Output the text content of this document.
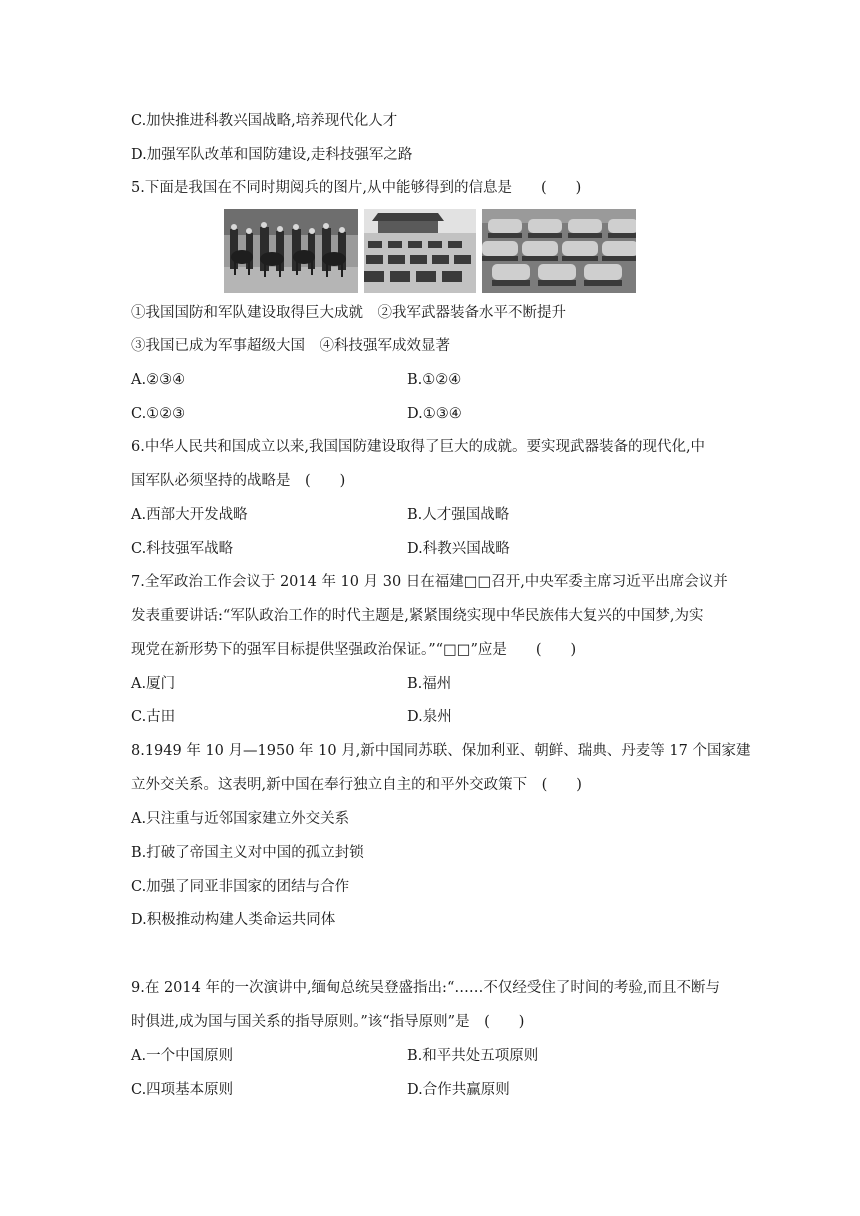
C.加快推进科教兴国战略,培养现代化人才
D.加强军队改革和国防建设,走科技强军之路
5.下面是我国在不同时期阅兵的图片,从中能够得到的信息是　　(　　)
①我国国防和军队建设取得巨大成就　②我军武器装备水平不断提升
③我国已成为军事超级大国　④科技强军成效显著
A.②③④	B.①②④
C.①②③	D.①③④
6.中华人民共和国成立以来,我国国防建设取得了巨大的成就。要实现武器装备的现代化,中
国军队必须坚持的战略是　(　　)
A.西部大开发战略	B.人才强国战略
C.科技强军战略	D.科教兴国战略
7.全军政治工作会议于 2014 年 10 月 30 日在福建□□召开,中央军委主席习近平出席会议并
发表重要讲话:“军队政治工作的时代主题是,紧紧围绕实现中华民族伟大复兴的中国梦,为实
现党在新形势下的强军目标提供坚强政治保证。”“□□”应是　　(　　)
A.厦门	B.福州
C.古田	D.泉州
8.1949 年 10 月—1950 年 10 月,新中国同苏联、保加利亚、朝鲜、瑞典、丹麦等 17 个国家建
立外交关系。这表明,新中国在奉行独立自主的和平外交政策下　(　　)
A.只注重与近邻国家建立外交关系
B.打破了帝国主义对中国的孤立封锁
C.加强了同亚非国家的团结与合作
D.积极推动构建人类命运共同体
9.在 2014 年的一次演讲中,缅甸总统吴登盛指出:“……不仅经受住了时间的考验,而且不断与
时俱进,成为国与国关系的指导原则。”该“指导原则”是　(　　)
A.一个中国原则	B.和平共处五项原则
C.四项基本原则	D.合作共赢原则
